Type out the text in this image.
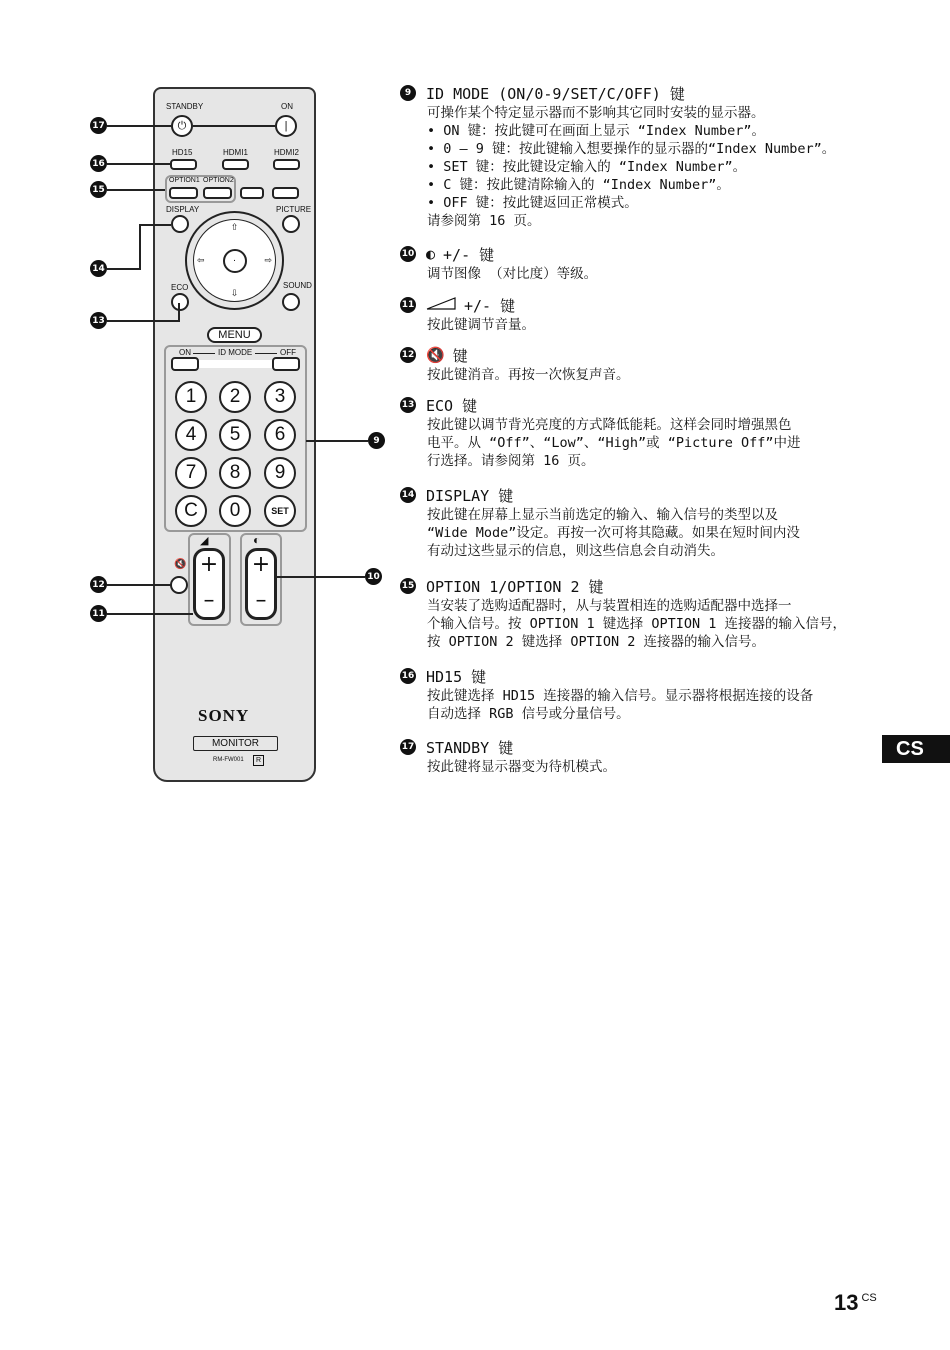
STANDBY	ON
⏻	|
HD15	HDMI1	HDMI2
OPTION1 OPTION2
DISPLAY	PICTURE
⇧
⇩
⇦	⇨
·
ECO	SOUND
MENU
ON	ID MODE	OFF
1	2	3
4	5	6
7	8	9
C	0	SET
🔇
◢
+
–
◐
+
–
SONY
MONITOR
RM-FW001	R
17
16
15
14
13
12
11
9
10
9 ID MODE (ON/0-9/SET/C/OFF) 键
可操作某个特定显示器而不影响其它同时安装的显示器。
• ON 键：按此键可在画面上显示 “Index Number”。
• 0 – 9 键：按此键输入想要操作的显示器的“Index Number”。
• SET 键：按此键设定输入的 “Index Number”。
• C 键：按此键清除输入的 “Index Number”。
• OFF 键：按此键返回正常模式。
请参阅第 16 页。
10 ◐ +/- 键
调节图像 （对比度）等级。
11	+/- 键
按此键调节音量。
12 🔇 键
按此键消音。再按一次恢复声音。
13 ECO 键
按此键以调节背光亮度的方式降低能耗。这样会同时增强黑色
电平。从 “Off”、“Low”、“High”或 “Picture Off”中进
行选择。请参阅第 16 页。
14 DISPLAY 键
按此键在屏幕上显示当前选定的输入、输入信号的类型以及
“Wide Mode”设定。再按一次可将其隐藏。如果在短时间内没
有动过这些显示的信息，则这些信息会自动消失。
15 OPTION 1/OPTION 2 键
当安装了选购适配器时，从与装置相连的选购适配器中选择一
个输入信号。按 OPTION 1 键选择 OPTION 1 连接器的输入信号，
按 OPTION 2 键选择 OPTION 2 连接器的输入信号。
16 HD15 键
按此键选择 HD15 连接器的输入信号。显示器将根据连接的设备
自动选择 RGB 信号或分量信号。
17 STANDBY 键
按此键将显示器变为待机模式。
CS
13 $^{CS}$
